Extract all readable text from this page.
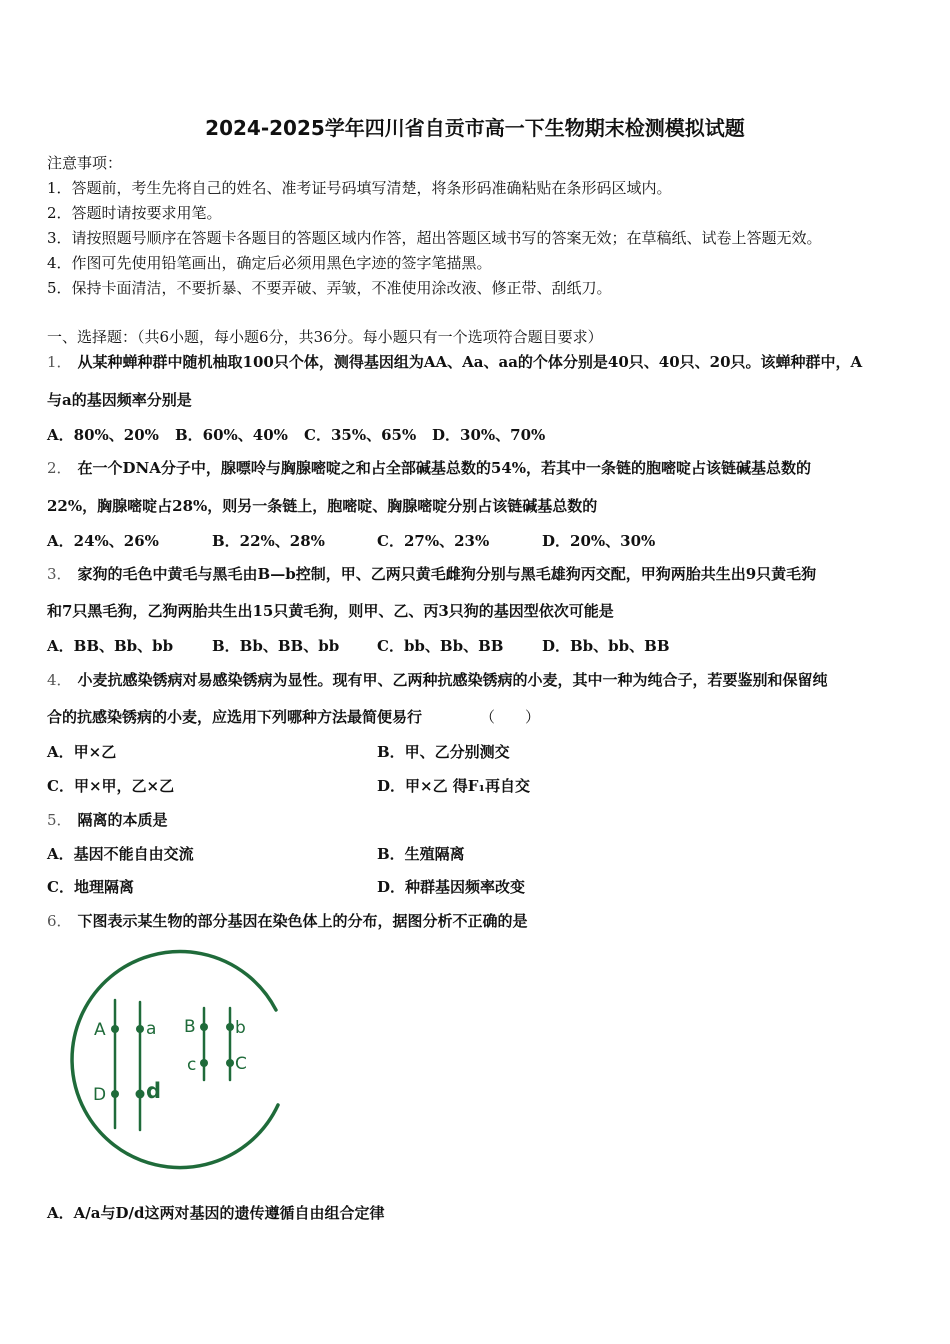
2024-2025学年四川省自贡市高一下生物期末检测模拟试题
注意事项：
1．答题前，考生先将自己的姓名、准考证号码填写清楚，将条形码准确粘贴在条形码区域内。
2．答题时请按要求用笔。
3．请按照题号顺序在答题卡各题目的答题区域内作答，超出答题区域书写的答案无效；在草稿纸、试卷上答题无效。
4．作图可先使用铅笔画出，确定后必须用黑色字迹的签字笔描黑。
5．保持卡面清洁，不要折暴、不要弄破、弄皱，不准使用涂改液、修正带、刮纸刀。
一、选择题：（共6小题，每小题6分，共36分。每小题只有一个选项符合题目要求）
1． 从某种蝉种群中随机柚取100只个体，测得基因组为AA、Aa、aa的个体分别是40只、40只、20只。该蝉种群中，A
与a的基因频率分别是
A．80%、20% B．60%、40% C．35%、65% D．30%、70%
2． 在一个DNA分子中，腺嘌呤与胸腺嘧啶之和占全部碱基总数的54%，若其中一条链的胞嘧啶占该链碱基总数的
22%，胸腺嘧啶占28%，则另一条链上，胞嘧啶、胸腺嘧啶分别占该链碱基总数的
A．24%、26%	B．22%、28%	C．27%、23%	D．20%、30%
3． 家狗的毛色中黄毛与黑毛由B—b控制，甲、乙两只黄毛雌狗分别与黑毛雄狗丙交配，甲狗两胎共生出9只黄毛狗
和7只黑毛狗，乙狗两胎共生出15只黄毛狗，则甲、乙、丙3只狗的基因型依次可能是
A．BB、Bb、bb	B．Bb、BB、bb	C．bb、Bb、BB	D．Bb、bb、BB
4． 小麦抗感染锈病对易感染锈病为显性。现有甲、乙两种抗感染锈病的小麦，其中一种为纯合子，若要鉴别和保留纯
合的抗感染锈病的小麦，应选用下列哪种方法最简便易行	（　　）
A．甲×乙	B．甲、乙分别测交
C．甲×甲，乙×乙	D．甲×乙 得F₁再自交
5． 隔离的本质是
A．基因不能自由交流	B．生殖隔离
C．地理隔离	D．种群基因频率改变
6． 下图表示某生物的部分基因在染色体上的分布，据图分析不正确的是
A a
D d
B b
c C
A．A/a与D/d这两对基因的遗传遵循自由组合定律
